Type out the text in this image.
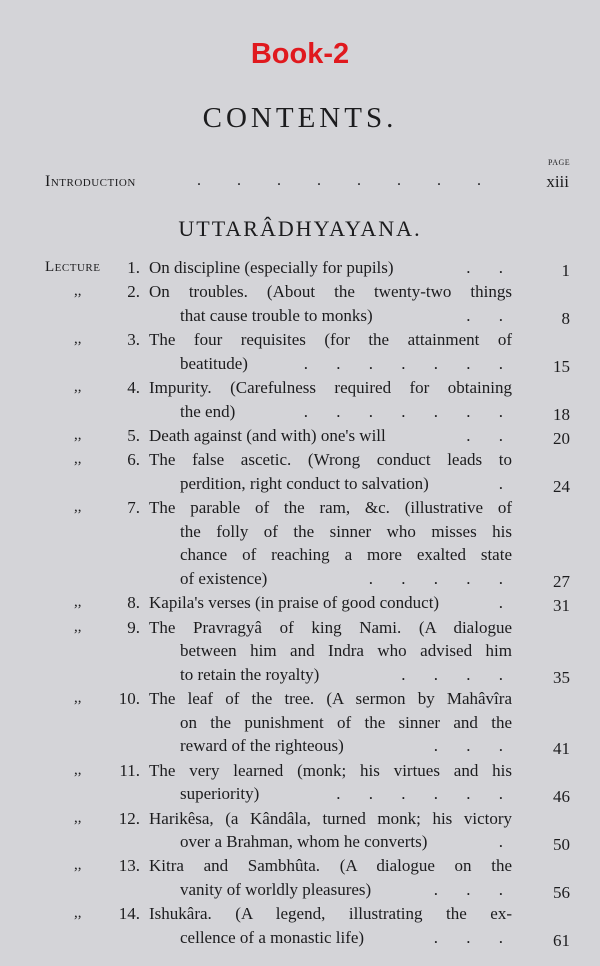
Book-2
CONTENTS.
PAGE
Introduction	. . . . . . . .	xiii
UTTARÂDHYAYANA.
Lecture	1. On discipline (especially for pupils)	1
. .
,,	2. On troubles. (About the twenty-two things
that cause trouble to monks)	8
. .
,,	3. The four requisites (for the attainment of
beatitude)	15
. . . . . . .
,,	4. Impurity. (Carefulness required for obtaining
the end)	18
. . . . . . .
,,	5. Death against (and with) one's will	20
. .
,,	6. The false ascetic. (Wrong conduct leads to
perdition, right conduct to salvation)	24
.
,,	7. The parable of the ram, &c. (illustrative of
the folly of the sinner who misses his
chance of reaching a more exalted state
of existence)	27
. . . . .
,,	8. Kapila's verses (in praise of good conduct)	31
.
,,	9. The Pravragyâ of king Nami. (A dialogue
between him and Indra who advised him
to retain the royalty)	35
. . . .
,,	10. The leaf of the tree. (A sermon by Mahâvîra
on the punishment of the sinner and the
reward of the righteous)	41
. . .
,,	11. The very learned (monk; his virtues and his
superiority)	46
. . . . . .
,,	12. Harikêsa, (a Kândâla, turned monk; his victory
over a Brahman, whom he converts)	50
.
,,	13. Kitra and Sambhûta. (A dialogue on the
vanity of worldly pleasures)	56
. . .
,,	14. Ishukâra. (A legend, illustrating the ex-
cellence of a monastic life)	61
. . .
